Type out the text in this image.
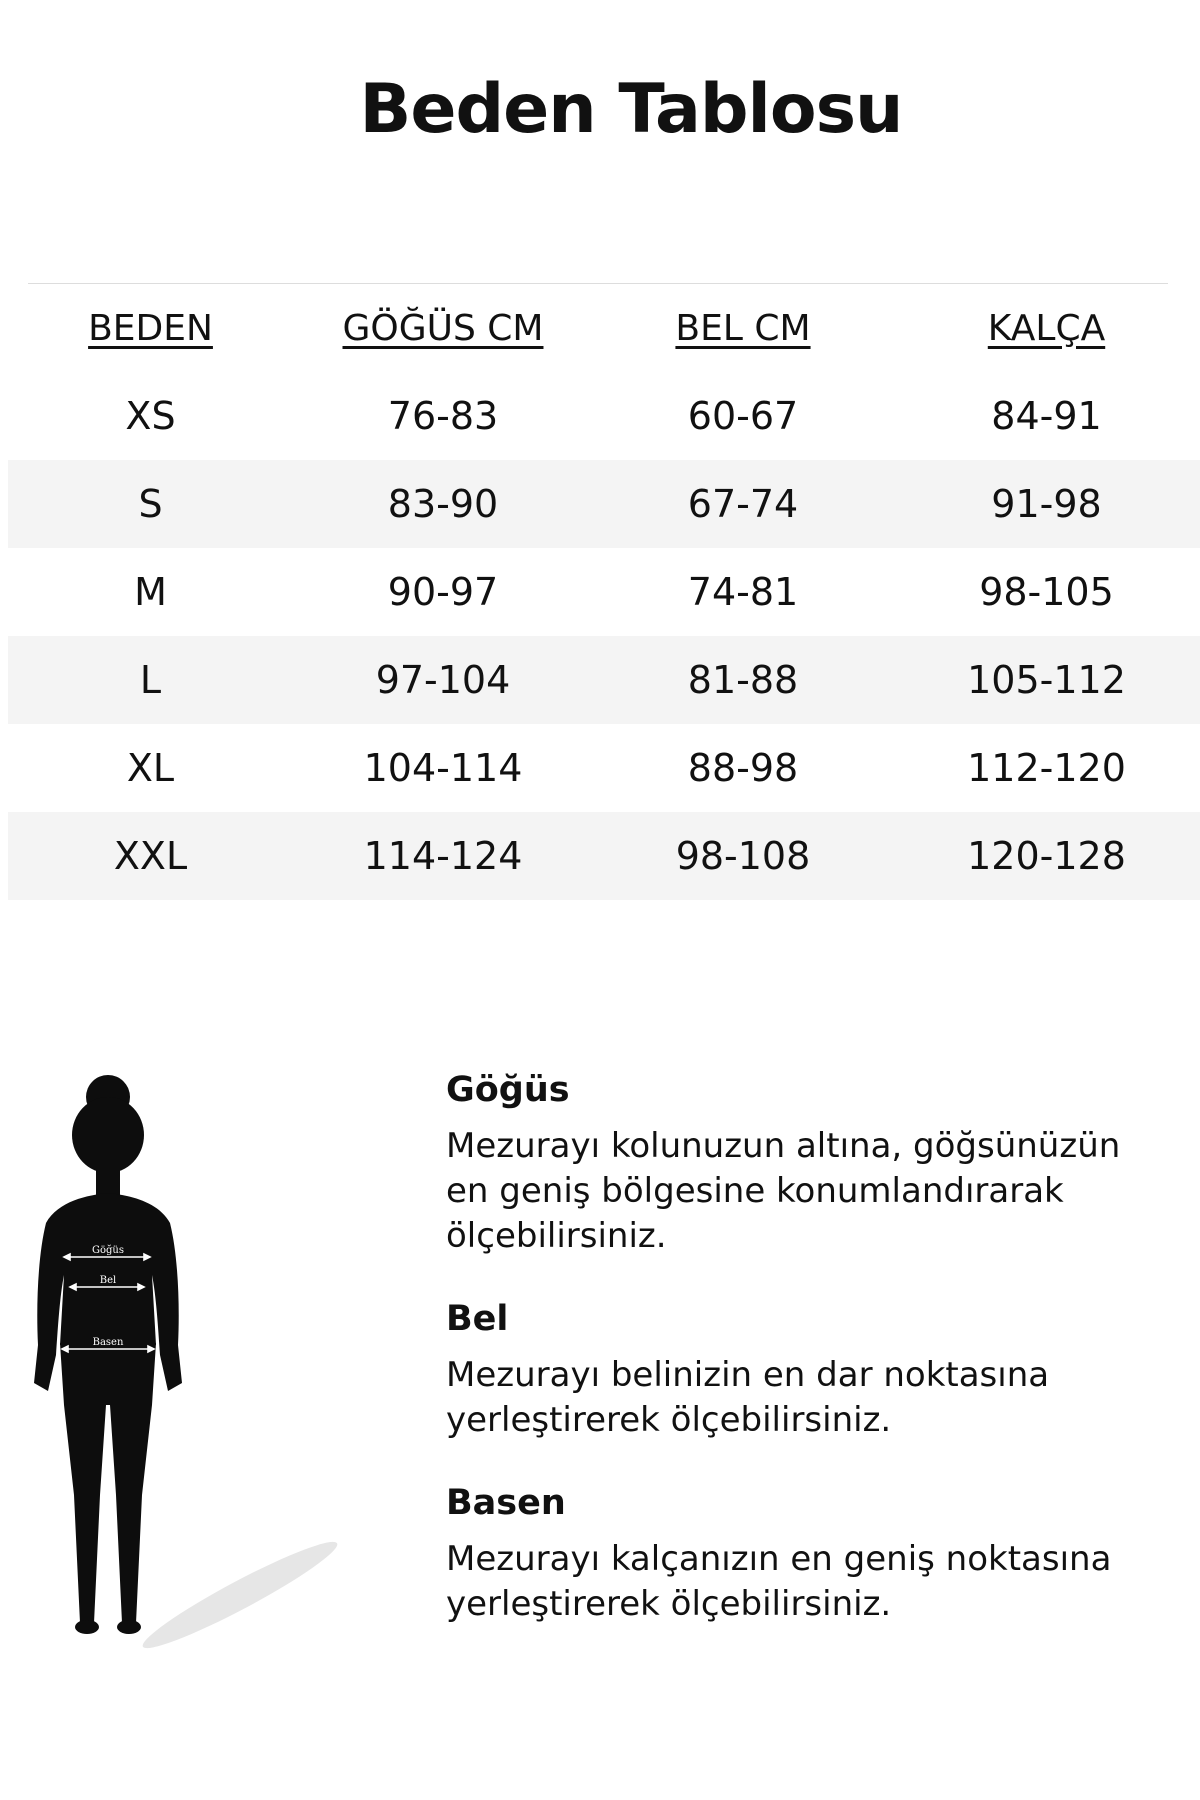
Beden Tablosu
BEDEN	GÖĞÜS CM	BEL CM	KALÇA
XS	76-83	60-67	84-91
S	83-90	67-74	91-98
M	90-97	74-81	98-105
L	97-104	81-88	105-112
XL	104-114	88-98	112-120
XXL	114-124	98-108	120-128
Göğüs
Bel
Basen
Göğüs
Mezurayı kolunuzun altına, göğsünüzün en geniş bölgesine konumlandırarak ölçebilirsiniz.
Bel
Mezurayı belinizin en dar noktasına yerleştirerek ölçebilirsiniz.
Basen
Mezurayı kalçanızın en geniş noktasına yerleştirerek ölçebilirsiniz.
